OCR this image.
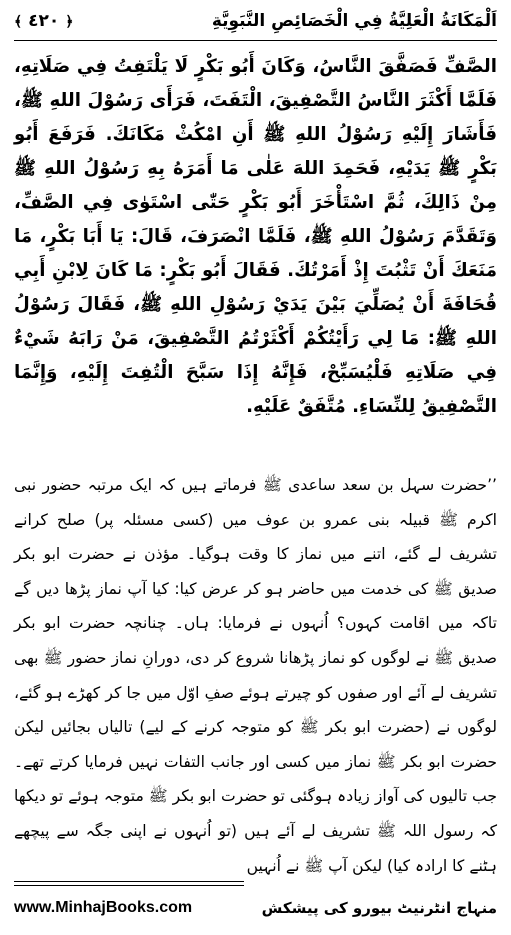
اَلْمَكَانَةُ الْعَلِيَّةُ فِي الْخَصَائِصِ النَّبَوِيَّةِ
﴿ ٤٢٠ ﴾
الصَّفِّ فَصَفَّقَ النَّاسُ، وَكَانَ أَبُو بَكْرٍ لَا يَلْتَفِتُ فِي صَلَاتِهِ، فَلَمَّا أَكْثَرَ النَّاسُ التَّصْفِيقَ، الْتَفَتَ، فَرَأَى رَسُوْلَ اللهِ ﷺ، فَأَشَارَ إِلَيْهِ رَسُوْلُ اللهِ ﷺ أَنِ امْكُثْ مَكَانَكَ. فَرَفَعَ أَبُو بَكْرٍ ﷺ يَدَيْهِ، فَحَمِدَ اللهَ عَلٰى مَا أَمَرَهُ بِهِ رَسُوْلُ اللهِ ﷺ مِنْ ذَالِكَ، ثُمَّ اسْتَأْخَرَ أَبُو بَكْرٍ حَتّٰى اسْتَوٰى فِي الصَّفِّ، وَتَقَدَّمَ رَسُوْلُ اللهِ ﷺ، فَلَمَّا انْصَرَفَ، قَالَ: يَا أَبَا بَكْرٍ، مَا مَنَعَكَ أَنْ تَثْبُتَ إِذْ أَمَرْتُكَ. فَقَالَ أَبُو بَكْرٍ: مَا كَانَ لِابْنِ أَبِي قُحَافَةَ أَنْ يُصَلِّيَ بَيْنَ يَدَيْ رَسُوْلِ اللهِ ﷺ، فَقَالَ رَسُوْلُ اللهِ ﷺ: مَا لِي رَأَيْتُكُمْ أَكْثَرْتُمُ التَّصْفِيقَ، مَنْ رَابَهُ شَيْءٌ فِي صَلَاتِهِ فَلْيُسَبِّحْ، فَإِنَّهُ إِذَا سَبَّحَ الْتُفِتَ إِلَيْهِ، وَإِنَّمَا التَّصْفِيقُ لِلنِّسَاءِ. مُتَّفَقٌ عَلَيْهِ.
’’حضرت سہل بن سعد ساعدی ﷺ فرماتے ہیں کہ ایک مرتبہ حضور نبی اکرم ﷺ قبیلہ بنی عمرو بن عوف میں (کسی مسئلہ پر) صلح کرانے تشریف لے گئے، اتنے میں نماز کا وقت ہوگیا۔ مؤذن نے حضرت ابو بکر صدیق ﷺ کی خدمت میں حاضر ہو کر عرض کیا: کیا آپ نماز پڑھا دیں گے تاکہ میں اقامت کہوں؟ اُنہوں نے فرمایا: ہاں۔ چنانچہ حضرت ابو بکر صدیق ﷺ نے لوگوں کو نماز پڑھانا شروع کر دی، دورانِ نماز حضور ﷺ بھی تشریف لے آئے اور صفوں کو چیرتے ہوئے صفِ اوّل میں جا کر کھڑے ہو گئے، لوگوں نے (حضرت ابو بکر ﷺ کو متوجہ کرنے کے لیے) تالیاں بجائیں لیکن حضرت ابو بکر ﷺ نماز میں کسی اور جانب التفات نہیں فرمایا کرتے تھے۔ جب تالیوں کی آواز زیادہ ہوگئی تو حضرت ابو بکر ﷺ متوجہ ہوئے تو دیکھا کہ رسول اللہ ﷺ تشریف لے آئے ہیں (تو اُنہوں نے اپنی جگہ سے پیچھے ہٹنے کا ارادہ کیا) لیکن آپ ﷺ نے اُنہیں
www.MinhajBooks.com	منہاج انٹرنیٹ بیورو کی پیشکش
